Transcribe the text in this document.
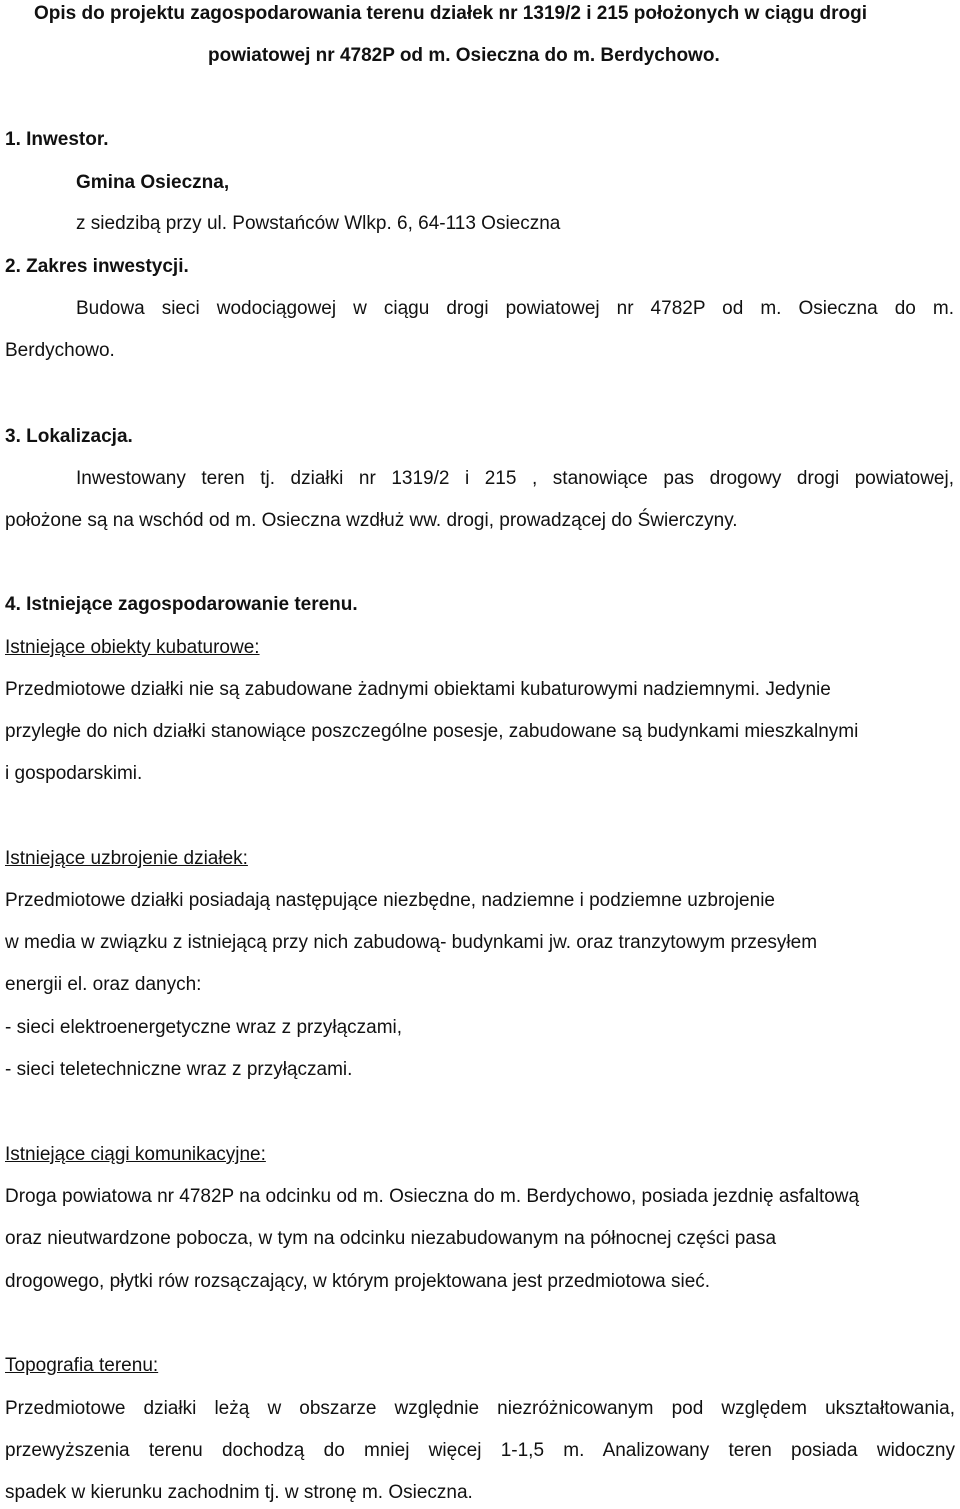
Opis do projektu zagospodarowania terenu działek nr 1319/2 i 215 położonych w ciągu drogi
powiatowej nr 4782P od m. Osieczna do m. Berdychowo.
1. Inwestor.
Gmina Osieczna,
z siedzibą przy ul. Powstańców Wlkp. 6, 64-113 Osieczna
2. Zakres inwestycji.
Budowa sieci wodociągowej w ciągu drogi powiatowej nr 4782P od m. Osieczna do m.
Berdychowo.
3. Lokalizacja.
Inwestowany teren tj. działki nr 1319/2 i 215 , stanowiące pas drogowy drogi powiatowej,
położone są na wschód od m. Osieczna wzdłuż ww. drogi, prowadzącej do Świerczyny.
4. Istniejące zagospodarowanie terenu.
Istniejące obiekty kubaturowe:
Przedmiotowe działki nie są zabudowane żadnymi obiektami kubaturowymi nadziemnymi. Jedynie
przyległe do nich działki stanowiące poszczególne posesje, zabudowane są budynkami mieszkalnymi
i gospodarskimi.
Istniejące uzbrojenie działek:
Przedmiotowe działki posiadają następujące niezbędne, nadziemne i podziemne uzbrojenie
w media w związku z istniejącą przy nich zabudową- budynkami jw. oraz tranzytowym przesyłem
energii el. oraz danych:
- sieci elektroenergetyczne wraz z przyłączami,
- sieci teletechniczne wraz z przyłączami.
Istniejące ciągi komunikacyjne:
Droga powiatowa nr 4782P na odcinku od m. Osieczna do m. Berdychowo, posiada jezdnię asfaltową
oraz nieutwardzone pobocza, w tym na odcinku niezabudowanym na północnej części pasa
drogowego, płytki rów rozsączający, w którym projektowana jest przedmiotowa sieć.
Topografia terenu:
Przedmiotowe działki leżą w obszarze względnie niezróżnicowanym pod względem ukształtowania,
przewyższenia terenu dochodzą do mniej więcej 1-1,5 m. Analizowany teren posiada widoczny
spadek w kierunku zachodnim tj. w stronę m. Osieczna.
